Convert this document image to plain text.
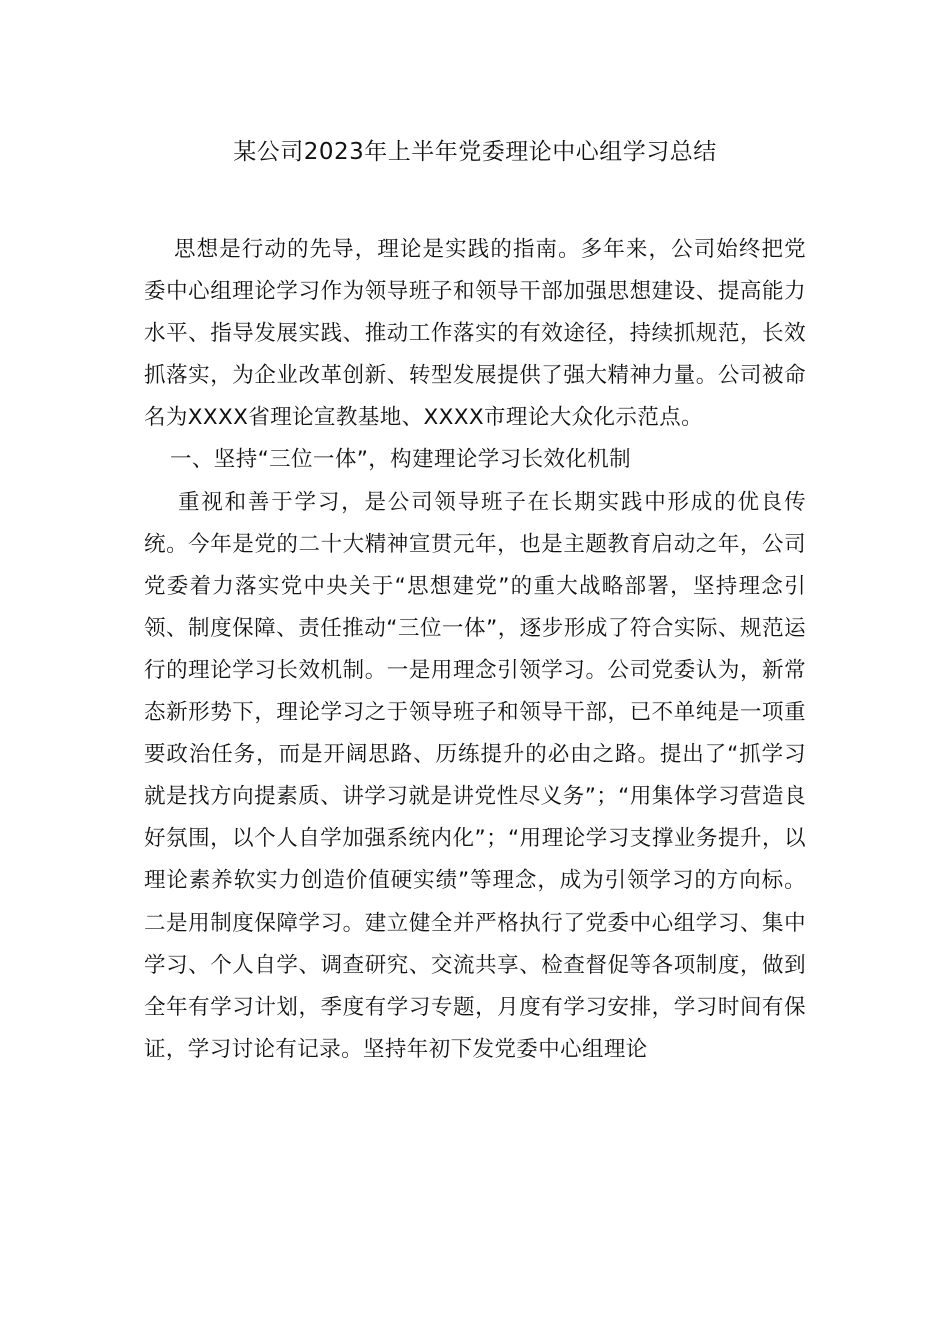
某公司2023年上半年党委理论中心组学习总结

思想是行动的先导，理论是实践的指南。多年来，公司始终把党委中心组理论学习作为领导班子和领导干部加强思想建设、提高能力水平、指导发展实践、推动工作落实的有效途径，持续抓规范，长效抓落实，为企业改革创新、转型发展提供了强大精神力量。公司被命名为XXXX省理论宣教基地、XXXX市理论大众化示范点。

一、坚持“三位一体”，构建理论学习长效化机制

重视和善于学习，是公司领导班子在长期实践中形成的优良传统。今年是党的二十大精神宣贯元年，也是主题教育启动之年，公司党委着力落实党中央关于“思想建党”的重大战略部署，坚持理念引领、制度保障、责任推动“三位一体”，逐步形成了符合实际、规范运行的理论学习长效机制。一是用理念引领学习。公司党委认为，新常态新形势下，理论学习之于领导班子和领导干部，已不单纯是一项重要政治任务，而是开阔思路、历练提升的必由之路。提出了“抓学习就是找方向提素质、讲学习就是讲党性尽义务”；“用集体学习营造良好氛围，以个人自学加强系统内化”；“用理论学习支撑业务提升，以理论素养软实力创造价值硬实绩”等理念，成为引领学习的方向标。二是用制度保障学习。建立健全并严格执行了党委中心组学习、集中学习、个人自学、调查研究、交流共享、检查督促等各项制度，做到全年有学习计划，季度有学习专题，月度有学习安排，学习时间有保证，学习讨论有记录。坚持年初下发党委中心组理论
